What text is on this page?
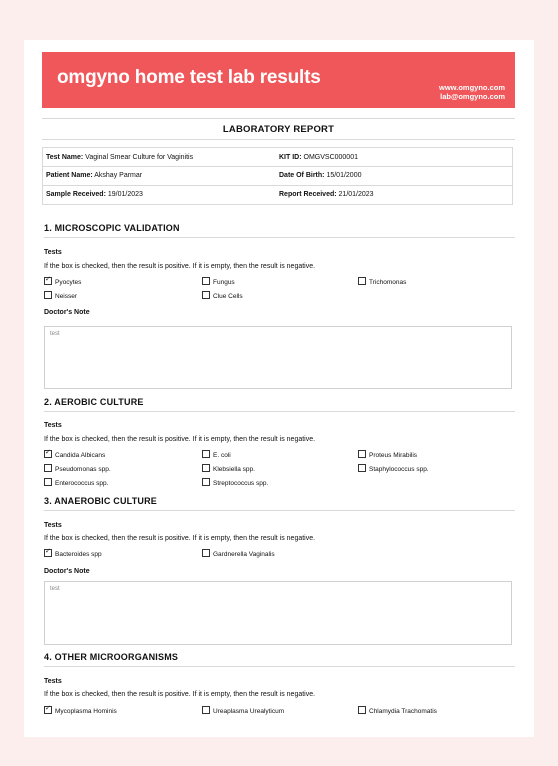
omgyno home test lab results	www.omgyno.com
lab@omgyno.com
LABORATORY REPORT
Test Name: Vaginal Smear Culture for Vaginitis	KIT ID: OMGVSC000001
Patient Name: Akshay Parmar	Date Of Birth: 15/01/2000
Sample Received: 19/01/2023	Report Received: 21/01/2023
1. MICROSCOPIC VALIDATION
Tests
If the box is checked, then the result is positive. If it is empty, then the result is negative.
✓Pyocytes	Fungus	Trichomonas
Neisser	Clue Cells
Doctor's Note
test
2. AEROBIC CULTURE
Tests
If the box is checked, then the result is positive. If it is empty, then the result is negative.
✓Candida Albicans	E. coli	Proteus Mirabilis
Pseudomonas spp.	Klebsiella spp.	Staphylococcus spp.
Enterococcus spp.	Streptococcus spp.
3. ANAEROBIC CULTURE
Tests
If the box is checked, then the result is positive. If it is empty, then the result is negative.
✓Bacteroides spp	Gardnerella Vaginalis
Doctor's Note
test
4. OTHER MICROORGANISMS
Tests
If the box is checked, then the result is positive. If it is empty, then the result is negative.
✓Mycoplasma Hominis	Ureaplasma Urealyticum	Chlamydia Trachomatis
